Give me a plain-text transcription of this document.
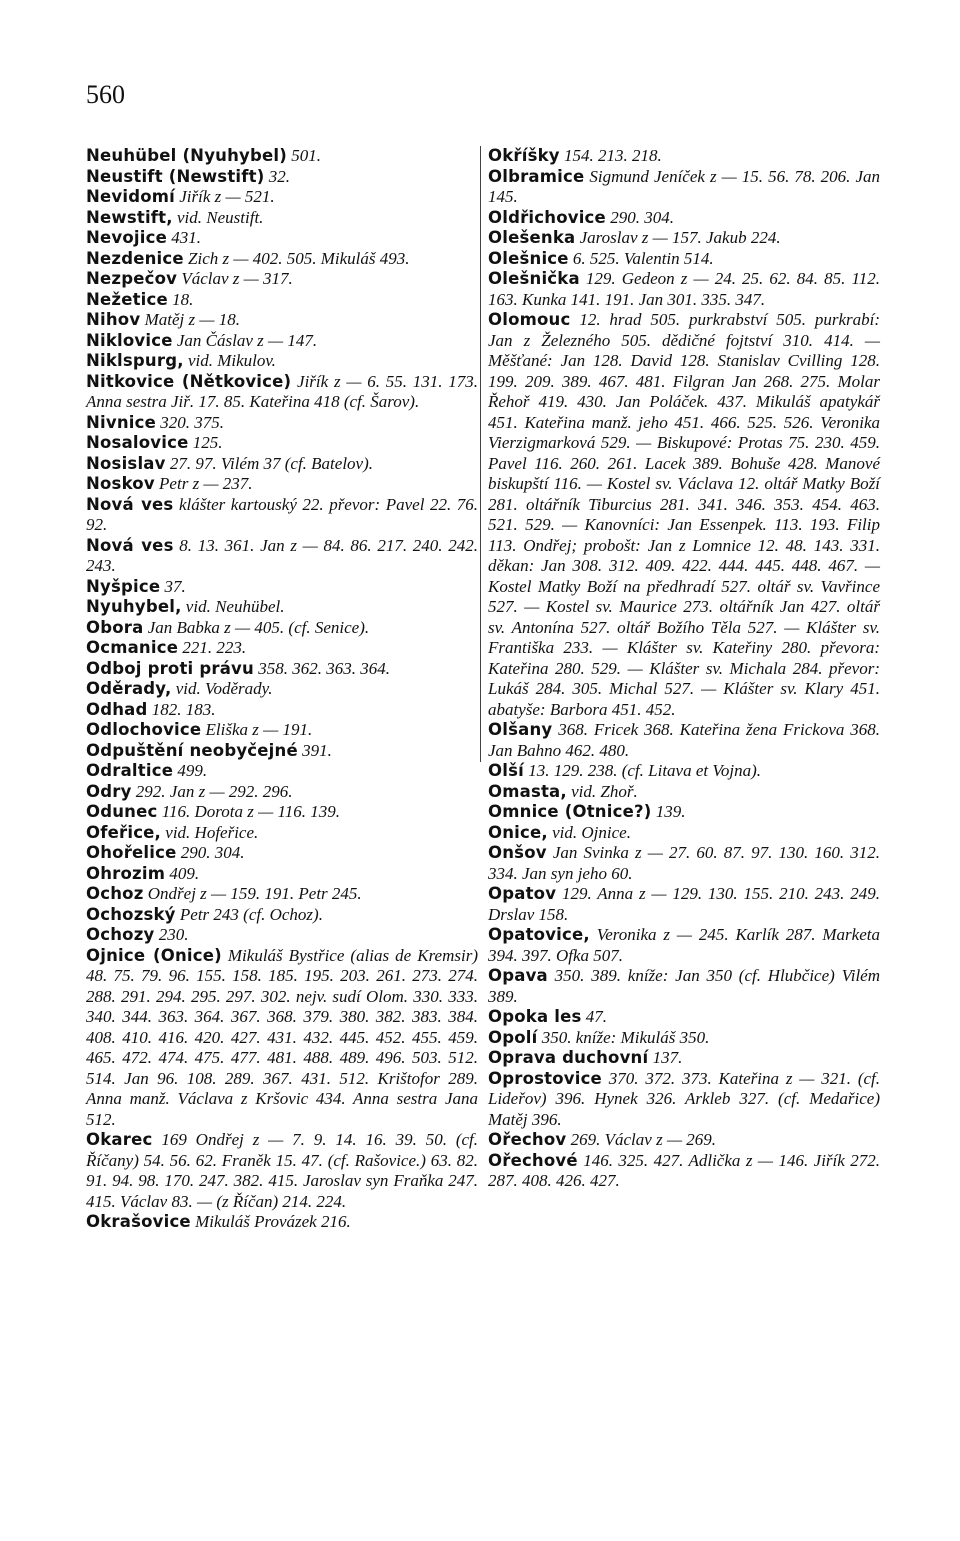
560
Neuhübel (Nyuhybel) 501.
Neustift (Newstift) 32.
Nevidomí Jiřík z — 521.
Newstift, vid. Neustift.
Nevojice 431.
Nezdenice Zich z — 402. 505. Mikuláš 493.
Nezpečov Václav z — 317.
Nežetice 18.
Nihov Matěj z — 18.
Niklovice Jan Čáslav z — 147.
Niklspurg, vid. Mikulov.
Nitkovice (Nětkovice) Jiřík z — 6. 55. 131. 173. Anna sestra Jiř. 17. 85. Kateřina 418 (cf. Šarov).
Nivnice 320. 375.
Nosalovice 125.
Nosislav 27. 97. Vilém 37 (cf. Batelov).
Noskov Petr z — 237.
Nová ves klášter kartouský 22. převor: Pavel 22. 76. 92.
Nová ves 8. 13. 361. Jan z — 84. 86. 217. 240. 242. 243.
Nyšpice 37.
Nyuhybel, vid. Neuhübel.
Obora Jan Babka z — 405. (cf. Senice).
Ocmanice 221. 223.
Odboj proti právu 358. 362. 363. 364.
Oděrady, vid. Voděrady.
Odhad 182. 183.
Odlochovice Eliška z — 191.
Odpuštění neobyčejné 391.
Odraltice 499.
Odry 292. Jan z — 292. 296.
Odunec 116. Dorota z — 116. 139.
Ofeřice, vid. Hofeřice.
Ohořelice 290. 304.
Ohrozim 409.
Ochoz Ondřej z — 159. 191. Petr 245.
Ochozský Petr 243 (cf. Ochoz).
Ochozy 230.
Ojnice (Onice) Mikuláš Bystřice (alias de Kremsir) 48. 75. 79. 96. 155. 158. 185. 195. 203. 261. 273. 274. 288. 291. 294. 295. 297. 302. nejv. sudí Olom. 330. 333. 340. 344. 363. 364. 367. 368. 379. 380. 382. 383. 384. 408. 410. 416. 420. 427. 431. 432. 445. 452. 455. 459. 465. 472. 474. 475. 477. 481. 488. 489. 496. 503. 512. 514. Jan 96. 108. 289. 367. 431. 512. Krištofor 289. Anna manž. Václava z Kršovic 434. Anna sestra Jana 512.
Okarec 169 Ondřej z — 7. 9. 14. 16. 39. 50. (cf. Říčany) 54. 56. 62. Franěk 15. 47. (cf. Rašovice.) 63. 82. 91. 94. 98. 170. 247. 382. 415. Jaroslav syn Fraňka 247. 415. Václav 83. — (z Říčan) 214. 224.
Okrašovice Mikuláš Provázek 216.
Okříšky 154. 213. 218.
Olbramice Sigmund Jeníček z — 15. 56. 78. 206. Jan 145.
Oldřichovice 290. 304.
Olešenka Jaroslav z — 157. Jakub 224.
Olešnice 6. 525. Valentin 514.
Olešnička 129. Gedeon z — 24. 25. 62. 84. 85. 112. 163. Kunka 141. 191. Jan 301. 335. 347.
Olomouc 12. hrad 505. purkrabství 505. purkrabí: Jan z Železného 505. dědičné fojtství 310. 414. — Měšťané: Jan 128. David 128. Stanislav Cvilling 128. 199. 209. 389. 467. 481. Filgran Jan 268. 275. Molar Řehoř 419. 430. Jan Poláček. 437. Mikuláš apatykář 451. Kateřina manž. jeho 451. 466. 525. 526. Veronika Vierzigmarková 529. — Biskupové: Protas 75. 230. 459. Pavel 116. 260. 261. Lacek 389. Bohuše 428. Manové biskupští 116. — Kostel sv. Václava 12. oltář Matky Boží 281. oltářník Tiburcius 281. 341. 346. 353. 454. 463. 521. 529. — Kanovníci: Jan Essenpek. 113. 193. Filip 113. Ondřej; probošt: Jan z Lomnice 12. 48. 143. 331. děkan: Jan 308. 312. 409. 422. 444. 445. 448. 467. — Kostel Matky Boží na předhradí 527. oltář sv. Vavřince 527. — Kostel sv. Maurice 273. oltářník Jan 427. oltář sv. Antonína 527. oltář Božího Těla 527. — Klášter sv. Františka 233. — Klášter sv. Kateřiny 280. převora: Kateřina 280. 529. — Klášter sv. Michala 284. převor: Lukáš 284. 305. Michal 527. — Klášter sv. Klary 451. abatyše: Barbora 451. 452.
Olšany 368. Fricek 368. Kateřina žena Frickova 368. Jan Bahno 462. 480.
Olší 13. 129. 238. (cf. Litava et Vojna).
Omasta, vid. Zhoř.
Omnice (Otnice?) 139.
Onice, vid. Ojnice.
Onšov Jan Svinka z — 27. 60. 87. 97. 130. 160. 312. 334. Jan syn jeho 60.
Opatov 129. Anna z — 129. 130. 155. 210. 243. 249. Drslav 158.
Opatovice, Veronika z — 245. Karlík 287. Marketa 394. 397. Ofka 507.
Opava 350. 389. kníže: Jan 350 (cf. Hlubčice) Vilém 389.
Opoka les 47.
Opolí 350. kníže: Mikuláš 350.
Oprava duchovní 137.
Oprostovice 370. 372. 373. Kateřina z — 321. (cf. Lideřov) 396. Hynek 326. Arkleb 327. (cf. Medařice) Matěj 396.
Ořechov 269. Václav z — 269.
Ořechové 146. 325. 427. Adlička z — 146. Jiřík 272. 287. 408. 426. 427.
